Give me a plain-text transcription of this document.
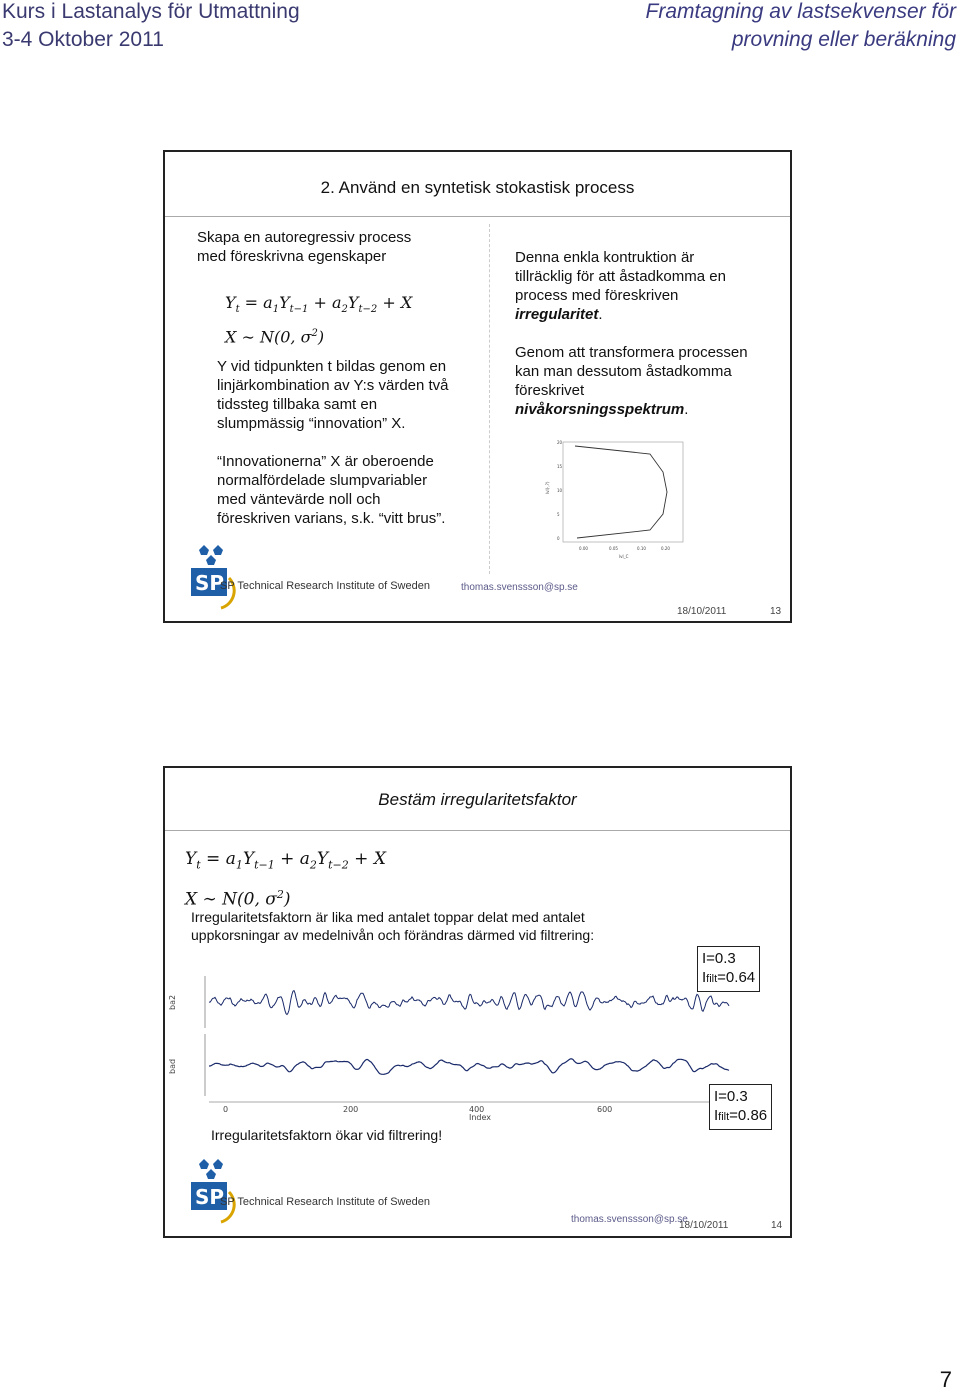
Kurs i Lastanalys för Utmattning
3-4 Oktober 2011
Framtagning av lastsekvenser för
provning eller beräkning
2. Använd en syntetisk stokastisk process
Skapa en autoregressiv process
med föreskrivna egenskaper
$Y_t = a_1Y_{t-1} + a_2Y_{t-2} + X$
X ∼ N(0, $\sigma^2$)
Y vid tidpunkten t bildas genom en
linjärkombination av Y:s värden två
tidssteg tillbaka samt en
slumpmässig “innovation” X.
“Innovationerna” X är oberoende
normalfördelade slumpvariabler
med väntevärde noll och
föreskriven varians, s.k. “vitt brus”.
Denna enkla kontruktion är
tillräcklig för att åstadkomma en
process med föreskriven
irregularitet.
Genom att transformera processen
kan man dessutom åstadkomma
föreskrivet
nivåkorsningsspektrum.
20
15
10
5
0
0.00	0.05	0.10	0.20
lvl_C
lvl(·,?)
SP
SP Technical Research Institute of Sweden	thomas.svenssson@sp.se
18/10/2011	13
Bestäm irregularitetsfaktor
$Y_t = a_1Y_{t-1} + a_2Y_{t-2} + X$
X ∼ N(0, $\sigma^2$)
Irregularitetsfaktorn är lika med antalet toppar delat med antalet
uppkorsningar av medelnivån och förändras därmed vid filtrering:
ba2
bad
0	200	400	600
Index
I=0.3
Ifilt=0.64
I=0.3
Ifilt=0.86
Irregularitetsfaktorn ökar vid filtrering!
SP
SP Technical Research Institute of Sweden
thomas.svenssson@sp.se
18/10/2011	14
7
